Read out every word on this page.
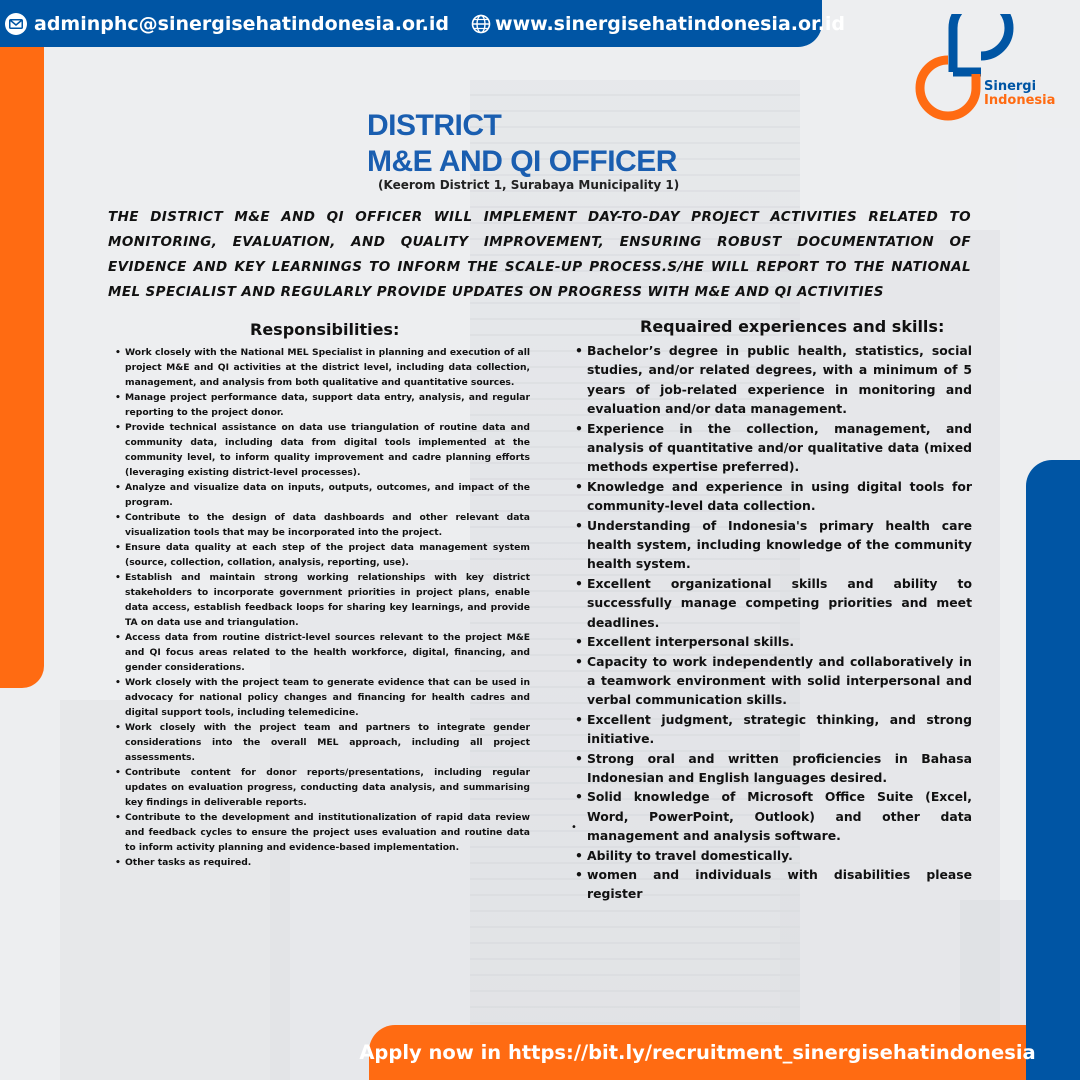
adminphc@sinergisehatindonesia.or.id www.sinergisehatindonesia.or.id
Sinergi
Indonesia
DISTRICT
M&E AND QI OFFICER
(Keerom District 1, Surabaya Municipality 1)
THE DISTRICT M&E AND QI OFFICER WILL IMPLEMENT DAY-TO-DAY PROJECT ACTIVITIES RELATED TO MONITORING, EVALUATION, AND QUALITY IMPROVEMENT, ENSURING ROBUST DOCUMENTATION OF EVIDENCE AND KEY LEARNINGS TO INFORM THE SCALE-UP PROCESS.S/HE WILL REPORT TO THE NATIONAL MEL SPECIALIST AND REGULARLY PROVIDE UPDATES ON PROGRESS WITH M&E AND QI ACTIVITIES
Responsibilities:
• Work closely with the National MEL Specialist in planning and execution of all project M&E and QI activities at the district level, including data collection, management, and analysis from both qualitative and quantitative sources.
• Manage project performance data, support data entry, analysis, and regular reporting to the project donor.
• Provide technical assistance on data use triangulation of routine data and community data, including data from digital tools implemented at the community level, to inform quality improvement and cadre planning efforts (leveraging existing district-level processes).
• Analyze and visualize data on inputs, outputs, outcomes, and impact of the program.
• Contribute to the design of data dashboards and other relevant data visualization tools that may be incorporated into the project.
• Ensure data quality at each step of the project data management system (source, collection, collation, analysis, reporting, use).
• Establish and maintain strong working relationships with key district stakeholders to incorporate government priorities in project plans, enable data access, establish feedback loops for sharing key learnings, and provide TA on data use and triangulation.
• Access data from routine district-level sources relevant to the project M&E and QI focus areas related to the health workforce, digital, financing, and gender considerations.
• Work closely with the project team to generate evidence that can be used in advocacy for national policy changes and financing for health cadres and digital support tools, including telemedicine.
• Work closely with the project team and partners to integrate gender considerations into the overall MEL approach, including all project assessments.
• Contribute content for donor reports/presentations, including regular updates on evaluation progress, conducting data analysis, and summarising key findings in deliverable reports.
• Contribute to the development and institutionalization of rapid data review and feedback cycles to ensure the project uses evaluation and routine data to inform activity planning and evidence-based implementation.
• Other tasks as required.
Requaired experiences and skills:
• Bachelor’s degree in public health, statistics, social studies, and/or related degrees, with a minimum of 5 years of job-related experience in monitoring and evaluation and/or data management.
• Experience in the collection, management, and analysis of quantitative and/or qualitative data (mixed methods expertise preferred).
• Knowledge and experience in using digital tools for community-level data collection.
• Understanding of Indonesia's primary health care health system, including knowledge of the community health system.
• Excellent organizational skills and ability to successfully manage competing priorities and meet deadlines.
• Excellent interpersonal skills.
• Capacity to work independently and collaboratively in a teamwork environment with solid interpersonal and verbal communication skills.
• Excellent judgment, strategic thinking, and strong initiative.
• Strong oral and written proficiencies in Bahasa Indonesian and English languages desired.
• Solid knowledge of Microsoft Office Suite (Excel, Word, PowerPoint, Outlook) and other data management and analysis software.
• Ability to travel domestically.
• women and individuals with disabilities please register
•
Apply now in https://bit.ly/recruitment_sinergisehatindonesia
